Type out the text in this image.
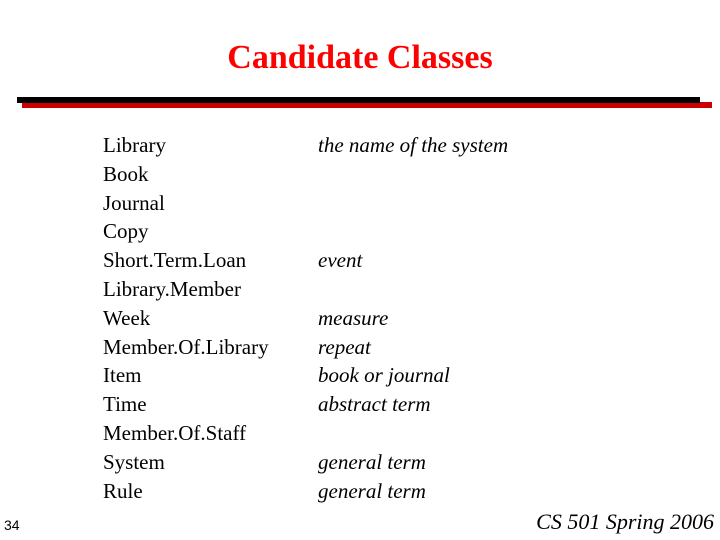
Candidate Classes
Library
Book
Journal
Copy
Short.Term.Loan
Library.Member
Week
Member.Of.Library
Item
Time
Member.Of.Staff
System
Rule
the name of the system
event
measure
repeat
book or journal
abstract term
general term
general term
34	CS 501 Spring 2006
